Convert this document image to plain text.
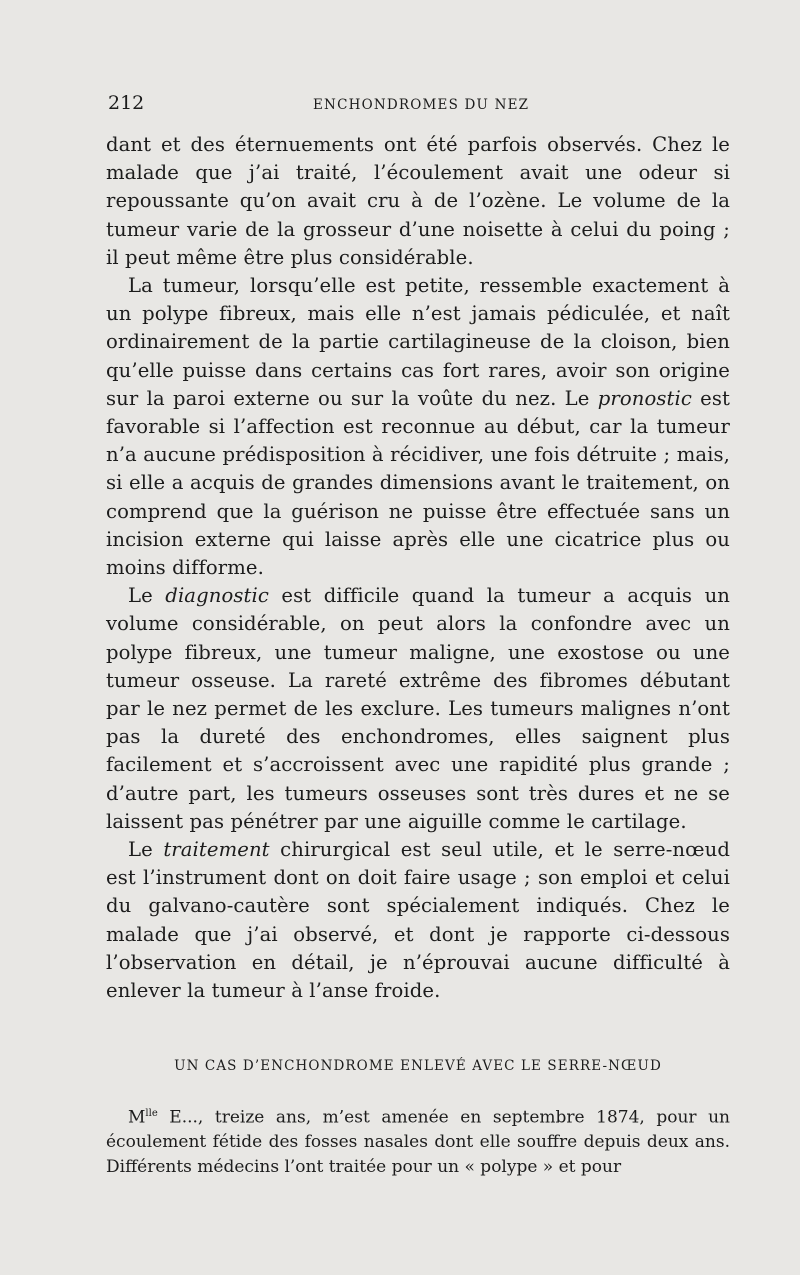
212	ENCHONDROMES DU NEZ

dant et des éternuements ont été parfois observés. Chez le malade que j’ai traité, l’écoulement avait une odeur si repoussante qu’on avait cru à de l’ozène. Le volume de la tumeur varie de la grosseur d’une noisette à celui du poing ; il peut même être plus considérable.

La tumeur, lorsqu’elle est petite, ressemble exactement à un polype fibreux, mais elle n’est jamais pédiculée, et naît ordinairement de la partie cartilagineuse de la cloison, bien qu’elle puisse dans certains cas fort rares, avoir son origine sur la paroi externe ou sur la voûte du nez. Le pronostic est favorable si l’affection est reconnue au début, car la tumeur n’a aucune prédisposition à récidiver, une fois détruite ; mais, si elle a acquis de grandes dimensions avant le traitement, on comprend que la guérison ne puisse être effectuée sans un incision externe qui laisse après elle une cicatrice plus ou moins difforme.

Le diagnostic est difficile quand la tumeur a acquis un volume considérable, on peut alors la confondre avec un polype fibreux, une tumeur maligne, une exostose ou une tumeur osseuse. La rareté extrême des fibromes débutant par le nez permet de les exclure. Les tumeurs malignes n’ont pas la dureté des enchondromes, elles saignent plus facilement et s’accroissent avec une rapidité plus grande ; d’autre part, les tumeurs osseuses sont très dures et ne se laissent pas pénétrer par une aiguille comme le cartilage.

Le traitement chirurgical est seul utile, et le serre-nœud est l’instrument dont on doit faire usage ; son emploi et celui du galvano-cautère sont spécialement indiqués. Chez le malade que j’ai observé, et dont je rapporte ci-dessous l’observation en détail, je n’éprouvai aucune difficulté à enlever la tumeur à l’anse froide.

UN CAS D’ENCHONDROME ENLEVÉ AVEC LE SERRE-NŒUD
$M^{lle}$ E..., treize ans, m’est amenée en septembre 1874, pour un écoulement fétide des fosses nasales dont elle souffre depuis deux ans. Différents médecins l’ont traitée pour un « polype » et pour
